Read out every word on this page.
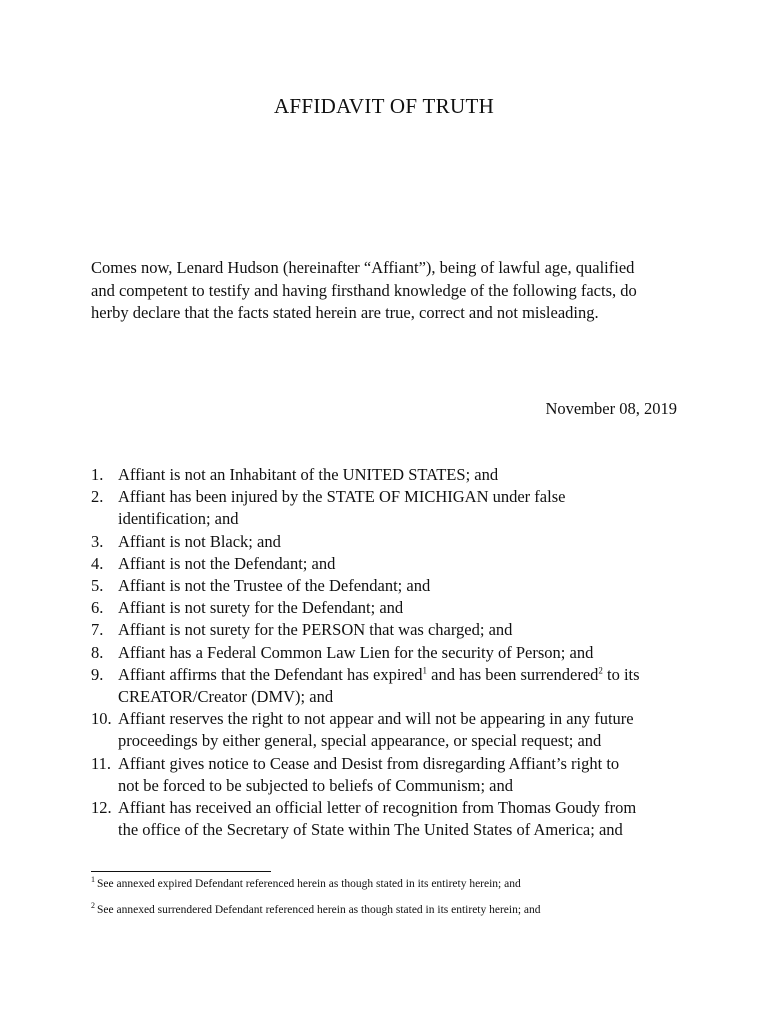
AFFIDAVIT OF TRUTH

Comes now, Lenard Hudson (hereinafter “Affiant”), being of lawful age, qualified
and competent to testify and having firsthand knowledge of the following facts, do
herby declare that the facts stated herein are true, correct and not misleading.

November 08, 2019

1. Affiant is not an Inhabitant of the UNITED STATES; and
2. Affiant has been injured by the STATE OF MICHIGAN under false
identification; and
3. Affiant is not Black; and
4. Affiant is not the Defendant; and
5. Affiant is not the Trustee of the Defendant; and
6. Affiant is not surety for the Defendant; and
7. Affiant is not surety for the PERSON that was charged; and
8. Affiant has a Federal Common Law Lien for the security of Person; and
9. Affiant affirms that the Defendant has expired$^1$ and has been surrendered$^2$ to its
CREATOR/Creator (DMV); and
10. Affiant reserves the right to not appear and will not be appearing in any future
proceedings by either general, special appearance, or special request; and
11. Affiant gives notice to Cease and Desist from disregarding Affiant’s right to
not be forced to be subjected to beliefs of Communism; and
12. Affiant has received an official letter of recognition from Thomas Goudy from
the office of the Secretary of State within The United States of America; and

$^1$ See annexed expired Defendant referenced herein as though stated in its entirety herein; and

$^2$ See annexed surrendered Defendant referenced herein as though stated in its entirety herein; and
